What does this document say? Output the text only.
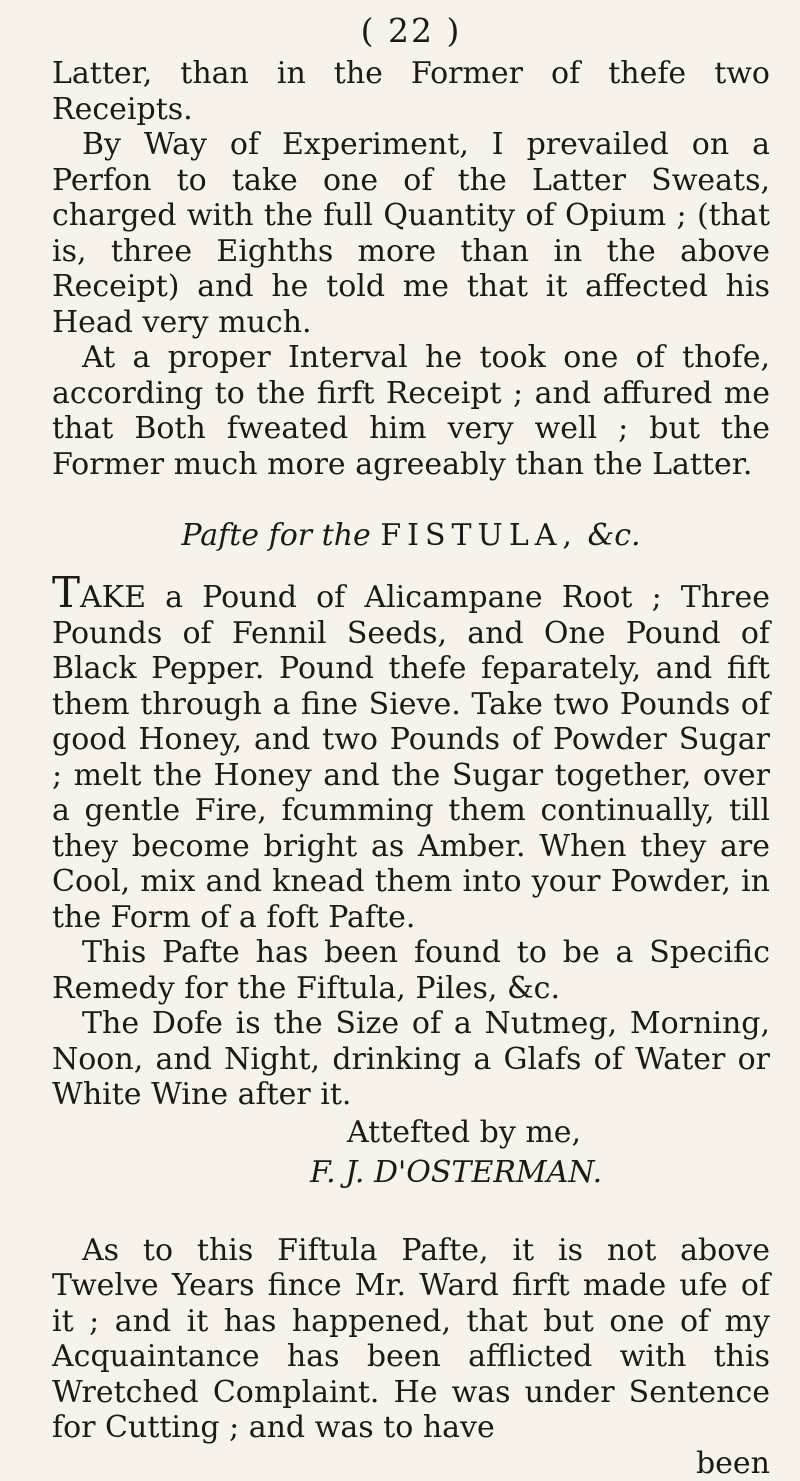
( 22 )

Latter, than in the Former of thefe two Receipts.

By Way of Experiment, I prevailed on a Perfon to take one of the Latter Sweats, charged with the full Quantity of Opium ; (that is, three Eighths more than in the above Receipt) and he told me that it affected his Head very much.

At a proper Interval he took one of thofe, according to the firft Receipt ; and affured me that Both fweated him very well ; but the Former much more agreeably than the Latter.

Pafte for the FISTULA, &c.

TAKE a Pound of Alicampane Root ; Three Pounds of Fennil Seeds, and One Pound of Black Pepper. Pound thefe feparately, and fift them through a fine Sieve. Take two Pounds of good Honey, and two Pounds of Powder Sugar ; melt the Honey and the Sugar together, over a gentle Fire, fcumming them continually, till they become bright as Amber. When they are Cool, mix and knead them into your Powder, in the Form of a foft Pafte.

This Pafte has been found to be a Specific Remedy for the Fiftula, Piles, &c.

The Dofe is the Size of a Nutmeg, Morning, Noon, and Night, drinking a Glafs of Water or White Wine after it.

Attefted by me,

F. J. D'OSTERMAN.

As to this Fiftula Pafte, it is not above Twelve Years fince Mr. Ward firft made ufe of it ; and it has happened, that but one of my Acquaintance has been afflicted with this Wretched Complaint. He was under Sentence for Cutting ; and was to have

been
